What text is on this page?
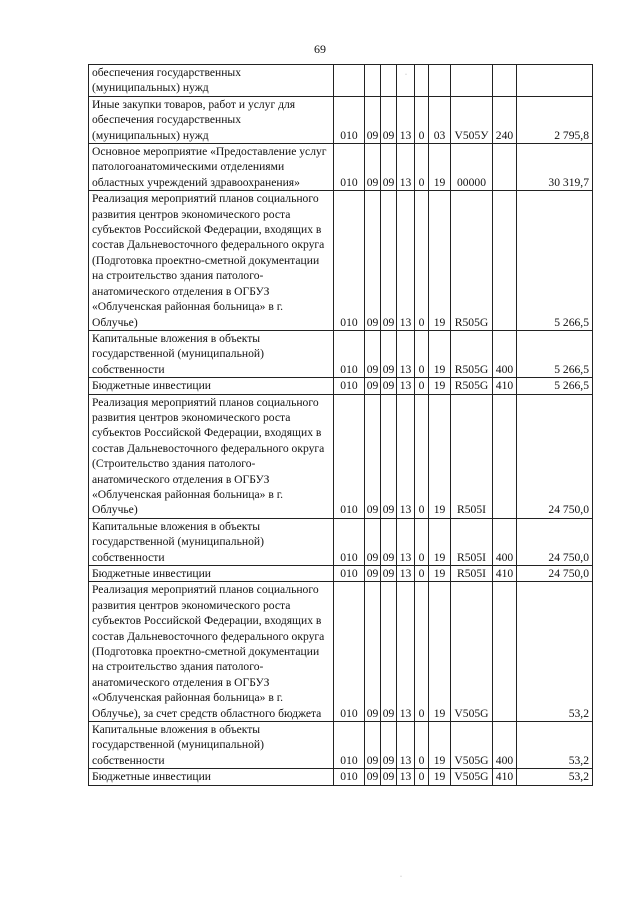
69
обеспечения государственных (муниципальных) нужд									
Иные закупки товаров, работ и услуг для обеспечения государственных (муниципальных) нужд	010	09	09	13	0	03	V505У	240	2 795,8
Основное мероприятие «Предоставление услуг патологоанатомическими отделениями областных учреждений здравоохранения»	010	09	09	13	0	19	00000		30 319,7
Реализация мероприятий планов социального развития центров экономического роста субъектов Российской Федерации, входящих в состав Дальневосточного федерального округа (Подготовка проектно-сметной документации на строительство здания патолого-анатомического отделения в ОГБУЗ «Облученская районная больница» в г. Облучье)	010	09	09	13	0	19	R505G		5 266,5
Капитальные вложения в объекты государственной (муниципальной) собственности	010	09	09	13	0	19	R505G	400	5 266,5
Бюджетные инвестиции	010	09	09	13	0	19	R505G	410	5 266,5
Реализация мероприятий планов социального развития центров экономического роста субъектов Российской Федерации, входящих в состав Дальневосточного федерального округа (Строительство здания патолого-анатомического отделения в ОГБУЗ «Облученская районная больница» в г. Облучье)	010	09	09	13	0	19	R505I		24 750,0
Капитальные вложения в объекты государственной (муниципальной) собственности	010	09	09	13	0	19	R505I	400	24 750,0
Бюджетные инвестиции	010	09	09	13	0	19	R505I	410	24 750,0
Реализация мероприятий планов социального развития центров экономического роста субъектов Российской Федерации, входящих в состав Дальневосточного федерального округа (Подготовка проектно-сметной документации на строительство здания патолого-анатомического отделения в ОГБУЗ «Облученская районная больница» в г. Облучье), за счет средств областного бюджета	010	09	09	13	0	19	V505G		53,2
Капитальные вложения в объекты государственной (муниципальной) собственности	010	09	09	13	0	19	V505G	400	53,2
Бюджетные инвестиции	010	09	09	13	0	19	V505G	410	53,2
·
·
